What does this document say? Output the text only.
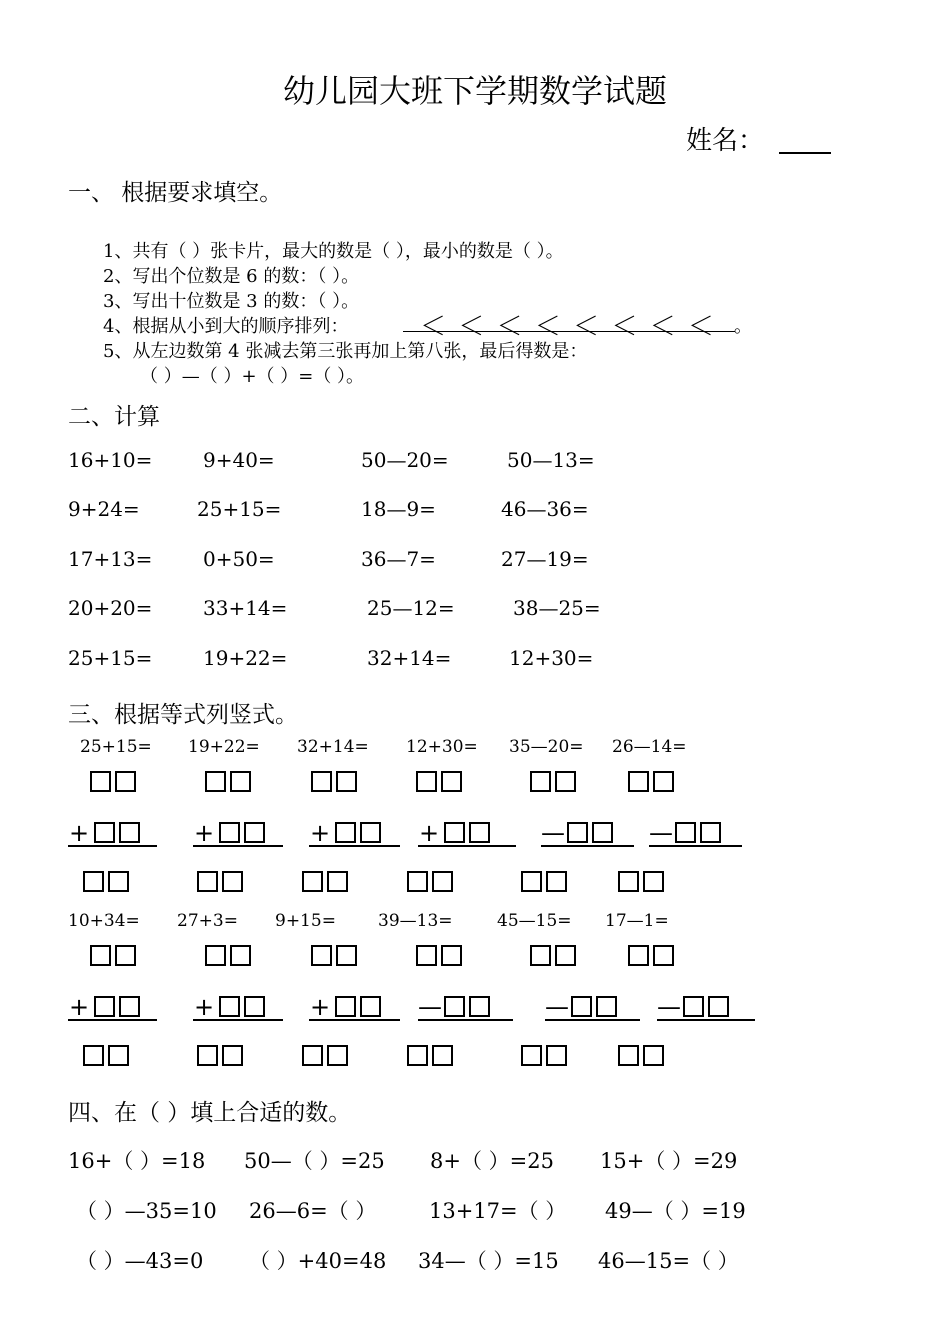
幼儿园大班下学期数学试题
姓名：
一、 根据要求填空。
1、共有（ ）张卡片，最大的数是（ ），最小的数是（ ）。
2、写出个位数是 6 的数：（ ）。
3、写出十位数是 3 的数：（ ）。
4、根据从小到大的顺序排列：	＜ ＜ ＜ ＜ ＜ ＜ ＜ ＜ 。
5、从左边数第 4 张减去第三张再加上第八张，最后得数是：
（ ）—（ ）+（ ）=（ ）。
二、计算
16+10=	9+40=	50—20=	50—13=
9+24=	25+15=	18—9=	46—36=
17+13=	0+50=	36—7=	27—19=
20+20=	33+14=	25—12=	38—25=
25+15=	19+22=	32+14=	12+30=
三、根据等式列竖式。
25+15=
+
19+22=
+
32+14=
+
12+30=
+
35—20=
—
26—14=
—
10+34=
+
27+3=
+
9+15=
+
39—13=
—
45—15=
—
17—1=
—
四、在（ ）填上合适的数。
16+（ ）=18 50—（ ）=25 8+（ ）=25 15+（ ）=29
（ ）—35=10 26—6=（ ）	13+17=（ ） 49—（ ）=19
（ ）—43=0 （ ）+40=48 34—（ ）=15 46—15=（ ）
